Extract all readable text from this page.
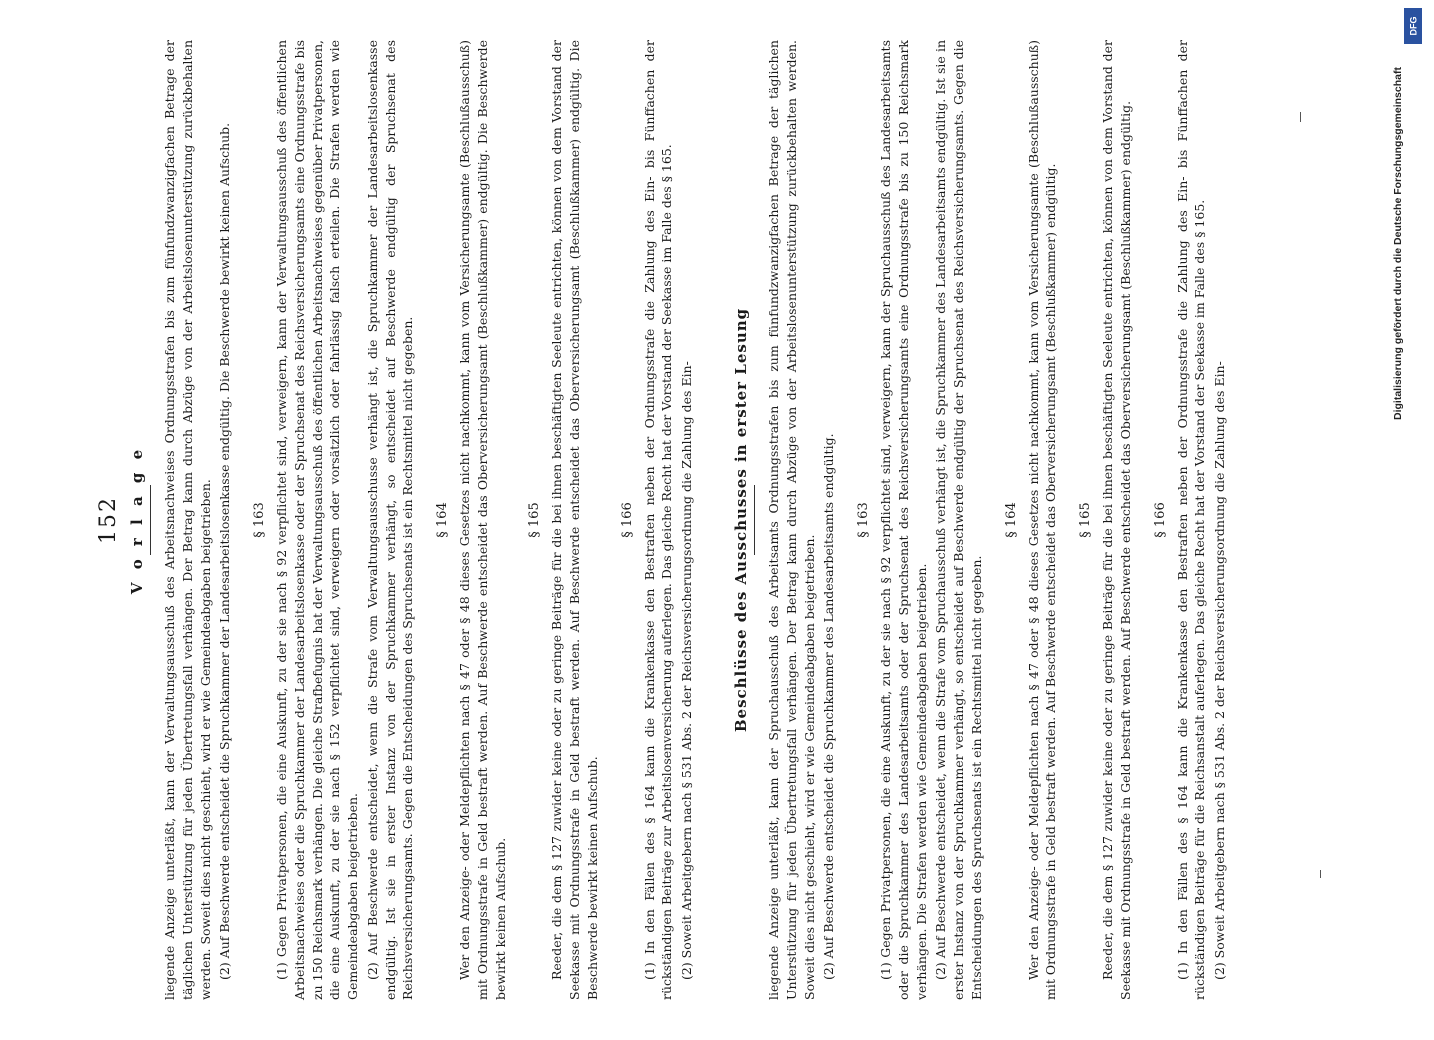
152 V o r l a g e liegende Anzeige unterläßt, kann der Verwaltungsausschuß des Arbeitsnachweises Ordnungsstrafen bis zum fünfundzwanzigfachen Betrage der täglichen Unterstützung für jeden Übertretungsfall verhängen. Der Betrag kann durch Abzüge von der Arbeitslosenunterstützung zurückbehalten werden. Soweit dies nicht geschieht, wird er wie Gemeindeabgaben beigetrieben. (2) Auf Beschwerde entscheidet die Spruchkammer der Landesarbeitslosenkasse endgültig. Die Beschwerde bewirkt keinen Aufschub. § 163 (1) Gegen Privatpersonen, die eine Auskunft, zu der sie nach § 92 verpflichtet sind, verweigern, kann der Verwaltungsausschuß des öffentlichen Arbeitsnachweises oder die Spruchkammer der Landesarbeitslosenkasse oder der Spruchsenat des Reichsversicherungsamts eine Ordnungsstrafe bis zu 150 Reichsmark verhängen. Die gleiche Strafbefugnis hat der Verwaltungsausschuß des öffentlichen Arbeitsnachweises gegenüber Privatpersonen, die eine Auskunft, zu der sie nach § 152 verpflichtet sind, verweigern oder vorsätzlich oder fahrlässig falsch erteilen. Die Strafen werden wie Gemeindeabgaben beigetrieben. (2) Auf Beschwerde entscheidet, wenn die Strafe vom Verwaltungsausschusse verhängt ist, die Spruchkammer der Landesarbeitslosenkasse endgültig. Ist sie in erster Instanz von der Spruchkammer verhängt, so entscheidet auf Beschwerde endgültig der Spruchsenat des Reichsversicherungsamts. Gegen die Entscheidungen des Spruchsenats ist ein Rechtsmittel nicht gegeben. § 164 Wer den Anzeige- oder Meldepflichten nach § 47 oder § 48 dieses Gesetzes nicht nachkommt, kann vom Versicherungsamte (Beschlußausschuß) mit Ordnungsstrafe in Geld bestraft werden. Auf Beschwerde entscheidet das Oberversicherungsamt (Beschlußkammer) endgültig. Die Beschwerde bewirkt keinen Aufschub.
§ 165 Reeder, die dem § 127 zuwider keine oder zu geringe Beiträge für die bei ihnen beschäftigten Seeleute entrichten, können von dem Vorstand der Seekasse mit Ordnungsstrafe in Geld bestraft werden. Auf Beschwerde entscheidet das Oberversicherungsamt (Beschlußkammer) endgültig. Die Beschwerde bewirkt keinen Aufschub.
§ 166 (1) In den Fällen des § 164 kann die Krankenkasse den Bestraften neben der Ordnungsstrafe die Zahlung des Ein- bis Fünffachen der rückständigen Beiträge zur Arbeitslosenversicherung auferlegen. Das gleiche Recht hat der Vorstand der Seekasse im Falle des § 165. (2) Soweit Arbeitgebern nach § 531 Abs. 2 der Reichsversicherungsordnung die Zahlung des Ein-	Beschlüsse des Ausschusses in erster Lesung liegende Anzeige unterläßt, kann der Spruchausschuß des Arbeitsamts Ordnungsstrafen bis zum fünfundzwanzigfachen Betrage der täglichen Unterstützung für jeden Übertretungsfall verhängen. Der Betrag kann durch Abzüge von der Arbeitslosenunterstützung zurückbehalten werden. Soweit dies nicht geschieht, wird er wie Gemeindeabgaben beigetrieben. (2) Auf Beschwerde entscheidet die Spruchkammer des Landesarbeitsamts endgültig. § 163 (1) Gegen Privatpersonen, die eine Auskunft, zu der sie nach § 92 verpflichtet sind, verweigern, kann der Spruchausschuß des Landesarbeitsamts oder die Spruchkammer des Landesarbeitsamts oder der Spruchsenat des Reichsversicherungsamts eine Ordnungsstrafe bis zu 150 Reichsmark verhängen. Die Strafen werden wie Gemeindeabgaben beigetrieben. (2) Auf Beschwerde entscheidet, wenn die Strafe vom Spruchausschuß verhängt ist, die Spruchkammer des Landesarbeitsamts endgültig. Ist sie in erster Instanz von der Spruchkammer verhängt, so entscheidet auf Beschwerde endgültig der Spruchsenat des Reichsversicherungsamts. Gegen die Entscheidungen des Spruchsenats ist ein Rechtsmittel nicht gegeben.
§ 164 Wer den Anzeige- oder Meldepflichten nach § 47 oder § 48 dieses Gesetzes nicht nachkommt, kann vom Versicherungsamte (Beschlußausschuß) mit Ordnungsstrafe in Geld bestraft werden. Auf Beschwerde entscheidet das Oberversicherungsamt (Beschlußkammer) endgültig. § 165 Reeder, die dem § 127 zuwider keine oder zu geringe Beiträge für die bei ihnen beschäftigten Seeleute entrichten, können von dem Vorstand der Seekasse mit Ordnungsstrafe in Geld bestraft werden. Auf Beschwerde entscheidet das Oberversicherungsamt (Beschlußkammer) endgültig. § 166 (1) In den Fällen des § 164 kann die Krankenkasse den Bestraften neben der Ordnungsstrafe die Zahlung des Ein- bis Fünffachen der rückständigen Beiträge für die Reichsanstalt auferlegen. Das gleiche Recht hat der Vorstand der Seekasse im Falle des § 165. (2) Soweit Arbeitgebern nach § 531 Abs. 2 der Reichsversicherungsordnung die Zahlung des Ein-
DFG
Digitalisierung gefördert durch die Deutsche Forschungsgemeinschaft
